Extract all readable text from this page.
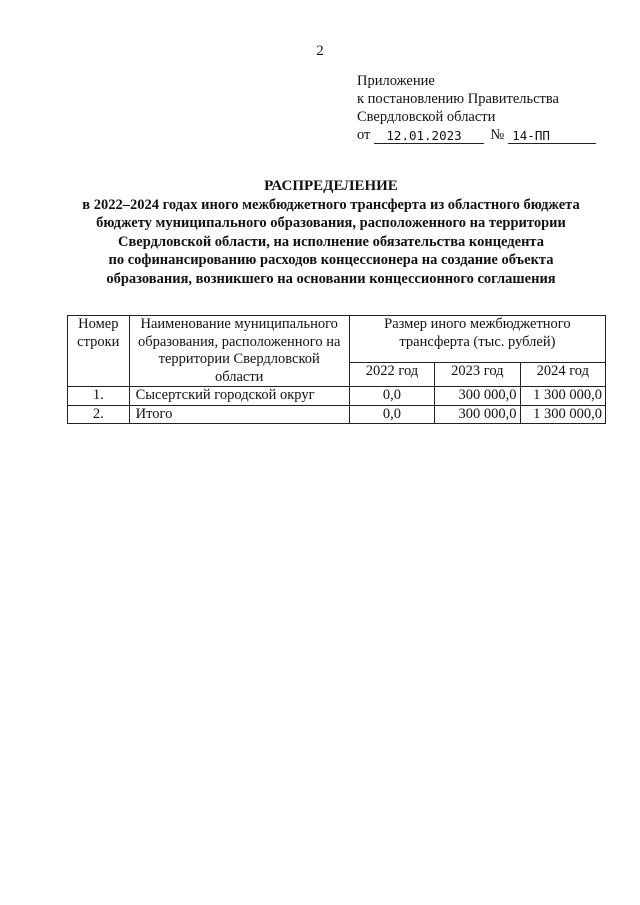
2
Приложение
к постановлению Правительства
Свердловской области
от	12.01.2023	№ 14-ПП
РАСПРЕДЕЛЕНИЕ
в 2022–2024 годах иного межбюджетного трансферта из областного бюджета
бюджету муниципального образования, расположенного на территории
Свердловской области, на исполнение обязательства концедента
по софинансированию расходов концессионера на создание объекта
образования, возникшего на основании концессионного соглашения
Номер строки	Наименование муниципального образования, расположенного на территории Свердловской области	Размер иного межбюджетного трансферта (тыс. рублей)		
		2022 год	2023 год	2024 год
1.	Сысертский городской округ	0,0	300 000,0	1 300 000,0
2.	Итого	0,0	300 000,0	1 300 000,0
